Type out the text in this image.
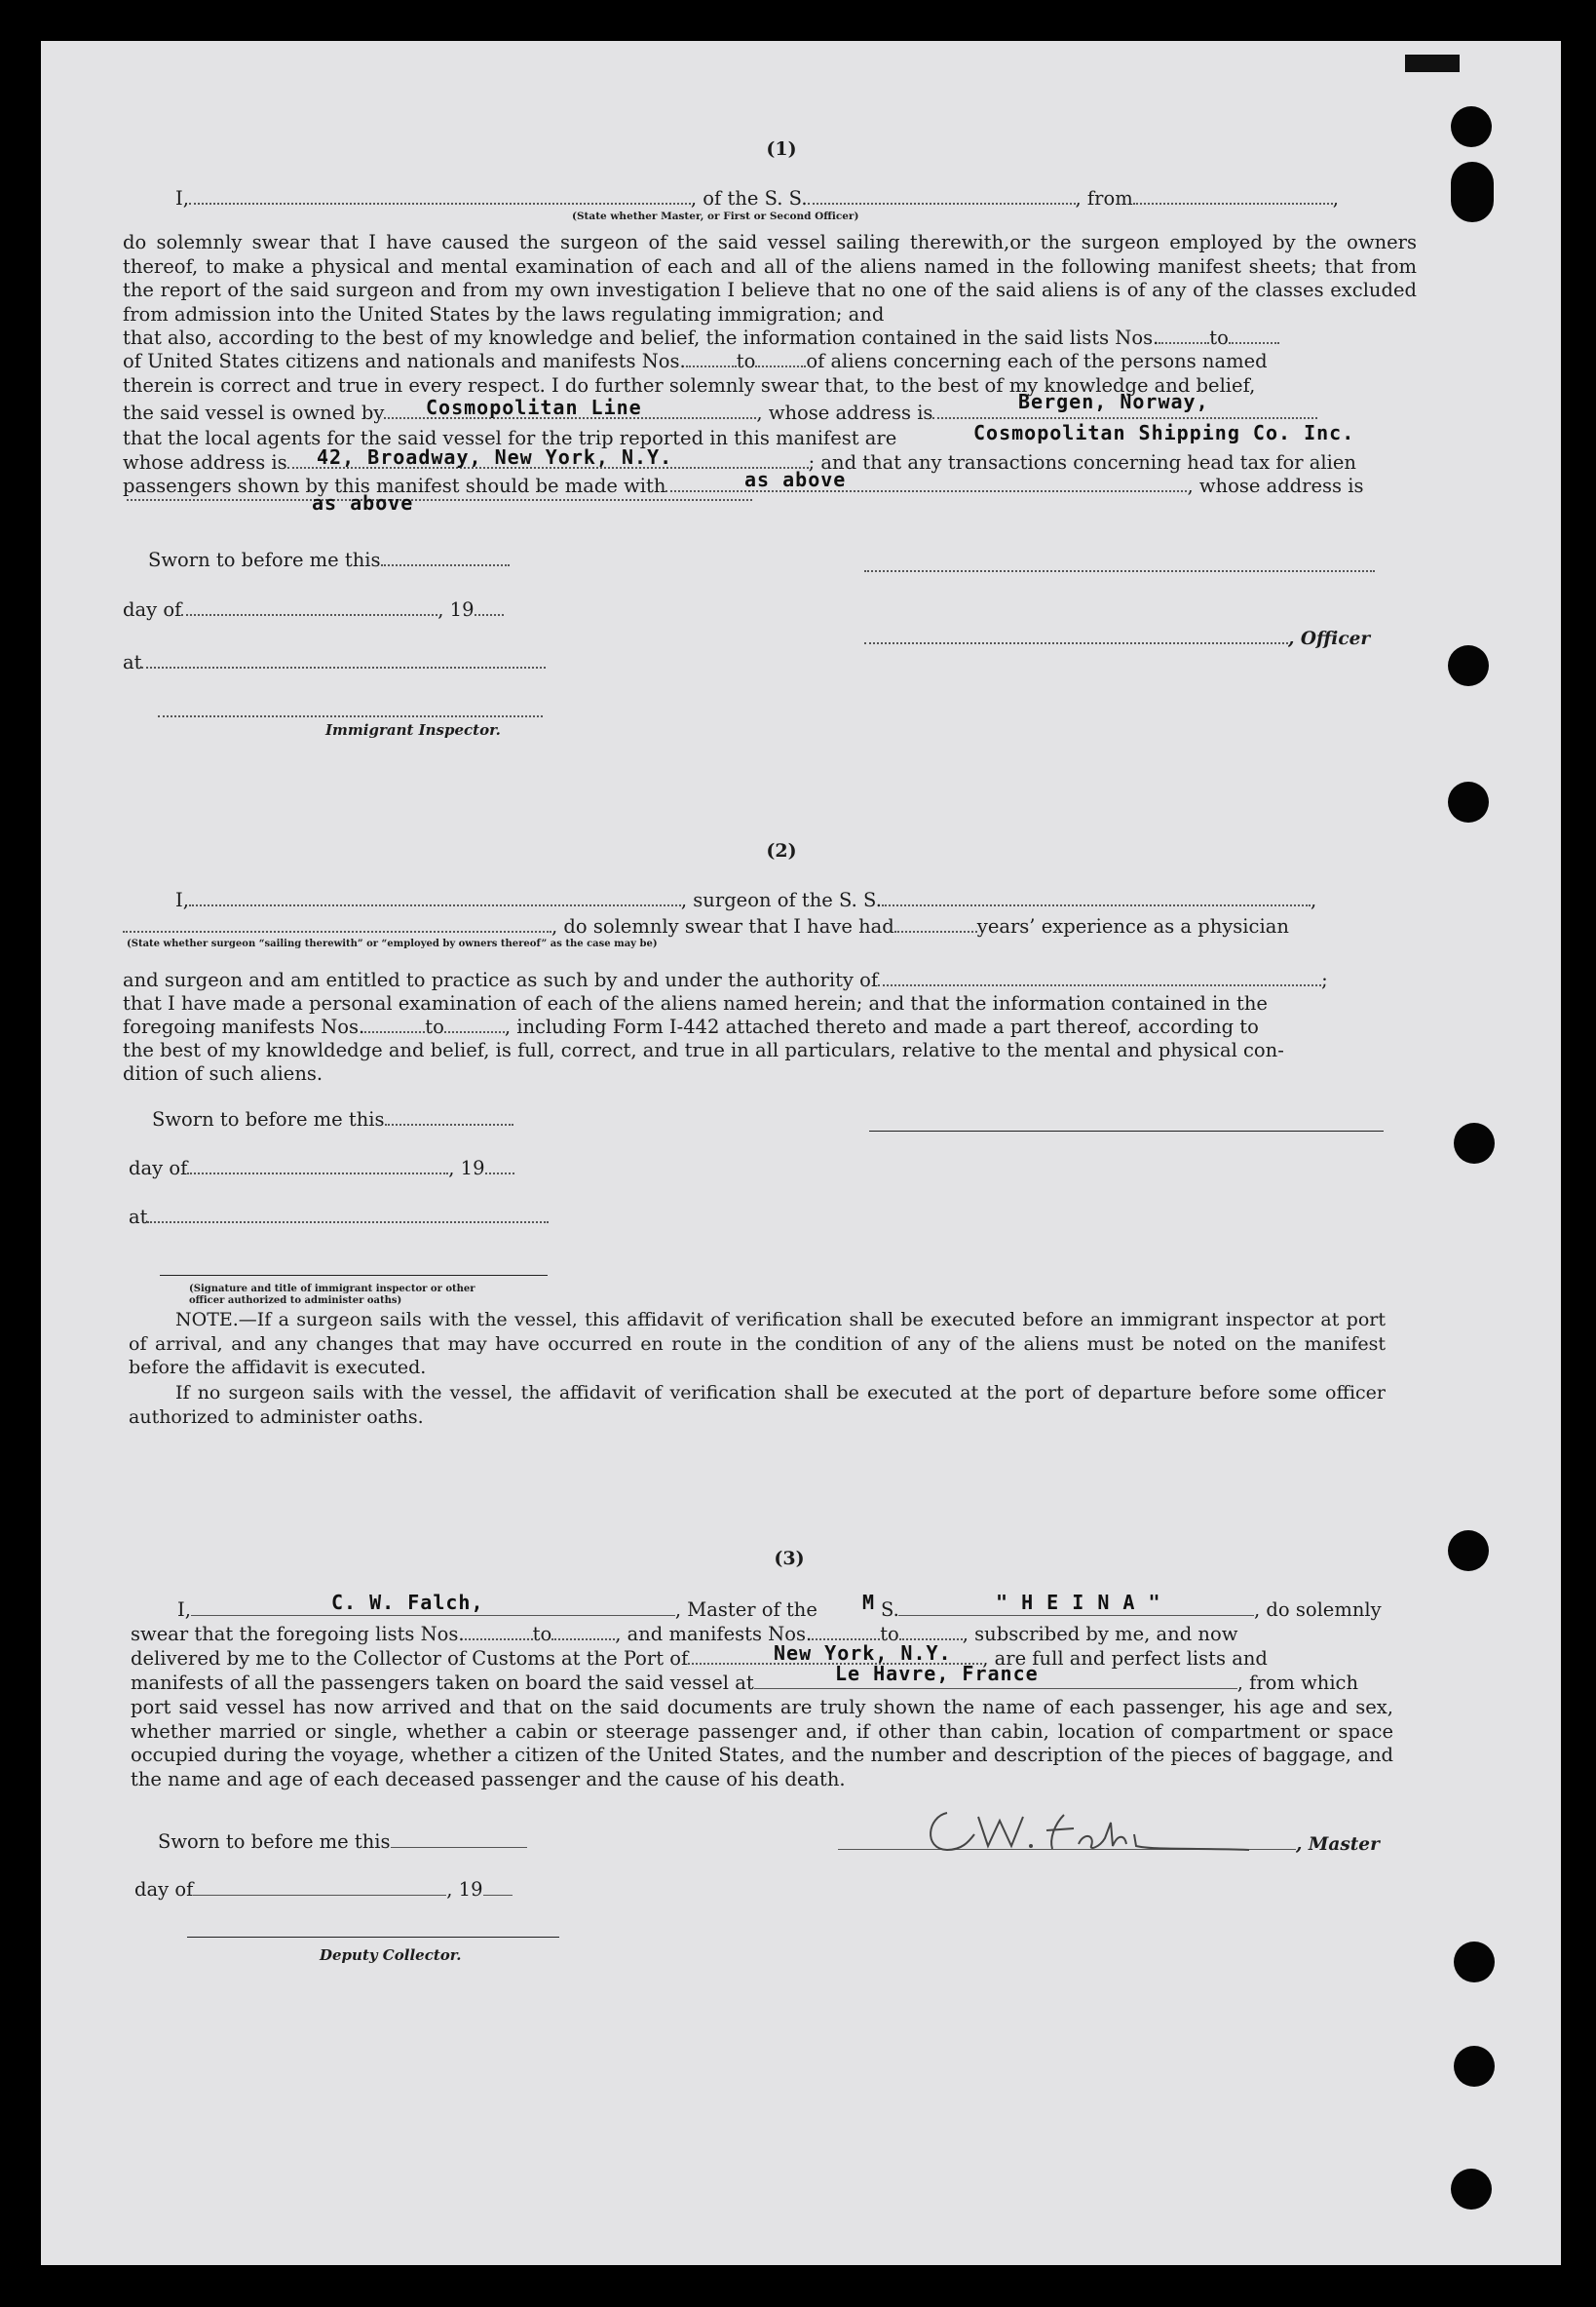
(1)
I,	, of the S. S.	, from	,
(State whether Master, or First or Second Officer)
do solemnly swear that I have caused the surgeon of the said vessel sailing therewith,or the surgeon employed by the owners thereof, to make a physical and mental examination of each and all of the aliens named in the following manifest sheets; that from the report of the said surgeon and from my own investigation I believe that no one of the said aliens is of any of the classes excluded from admission into the United States by the laws regulating immigration; and
that also, according to the best of my knowledge and belief, the information contained in the said lists Nos.	to
of United States citizens and nationals and manifests Nos.	to	of aliens concerning each of the persons named
therein is correct and true in every respect. I do further solemnly swear that, to the best of my knowledge and belief,
the said vessel is owned by	, whose address is
Cosmopolitan Line	Bergen, Norway,
that the local agents for the said vessel for the trip reported in this manifest are	Cosmopolitan Shipping Co. Inc.
whose address is	; and that any transactions concerning head tax for alien
42, Broadway, New York, N.Y.
passengers shown by this manifest should be made with	, whose address is
as above
as above
Sworn to before me this
day of	, 19
, Officer
at
Immigrant Inspector.
(2)
I,	, surgeon of the S. S.	,
, do solemnly swear that I have had	years’ experience as a physician
(State whether surgeon “sailing therewith” or “employed by owners thereof” as the case may be)
and surgeon and am entitled to practice as such by and under the authority of	;
that I have made a personal examination of each of the aliens named herein; and that the information contained in the
foregoing manifests Nos.	to	, including Form I-442 attached thereto and made a part thereof, according to
the best of my knowldedge and belief, is full, correct, and true in all particulars, relative to the mental and physical con-
dition of such aliens.
Sworn to before me this
day of	, 19
at
(Signature and title of immigrant inspector or other officer authorized to administer oaths)
NOTE.—If a surgeon sails with the vessel, this affidavit of verification shall be executed before an immigrant inspector at port of arrival, and any changes that may have occurred en route in the condition of any of the aliens must be noted on the manifest before the affidavit is executed.
If no surgeon sails with the vessel, the affidavit of verification shall be executed at the port of departure before some officer authorized to administer oaths.
(3)
I,	, Master of the
C. W. Falch,	M S.	, do solemnly
" H E I N A "
swear that the foregoing lists Nos.	to	, and manifests Nos.	to	, subscribed by me, and now
delivered by me to the Collector of Customs at the Port of	, are full and perfect lists and
New York, N.Y.
manifests of all the passengers taken on board the said vessel at	, from which
Le Havre, France
port said vessel has now arrived and that on the said documents are truly shown the name of each passenger, his age and sex, whether married or single, whether a cabin or steerage passenger and, if other than cabin, location of compartment or space occupied during the voyage, whether a citizen of the United States, and the number and description of the pieces of baggage, and the name and age of each deceased passenger and the cause of his death.
Sworn to before me this	, Master
day of	, 19
Deputy Collector.
